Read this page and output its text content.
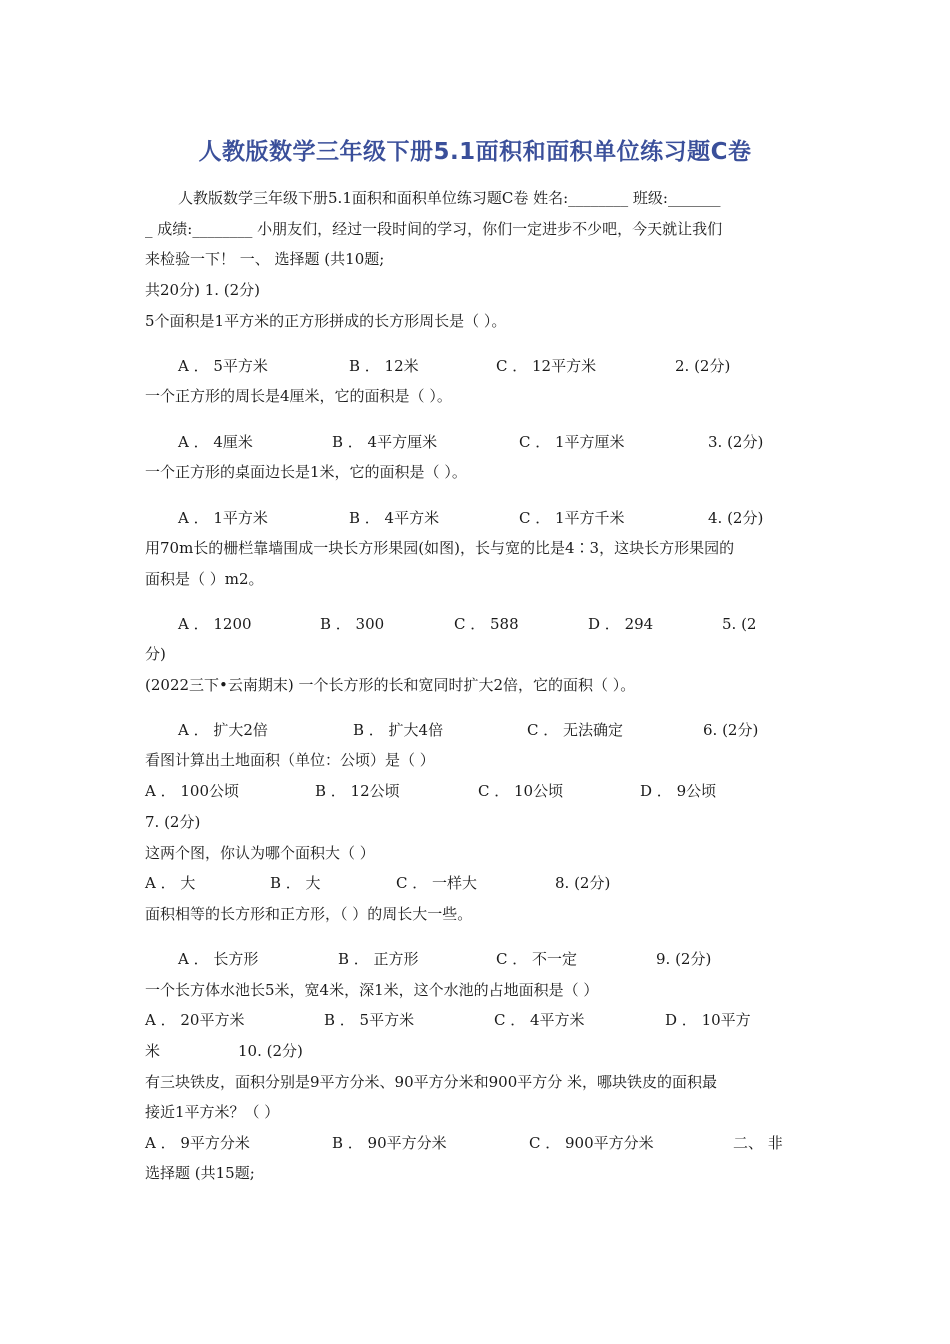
人教版数学三年级下册5.1面积和面积单位练习题C卷
人教版数学三年级下册5.1面积和面积单位练习题C卷 姓名:________ 班级:_______
_ 成绩:________ 小朋友们，经过一段时间的学习，你们一定进步不少吧，今天就让我们
来检验一下！ 一、 选择题 (共10题;
共20分) 1. (2分)
5个面积是1平方米的正方形拼成的长方形周长是（ ）。
A ． 5平方米	B ． 12米	C ． 12平方米	2. (2分)
一个正方形的周长是4厘米，它的面积是（ ）。
A ． 4厘米	B ． 4平方厘米	C ． 1平方厘米	3. (2分)
一个正方形的桌面边长是1米，它的面积是（ ）。
A ． 1平方米	B ． 4平方米	C ． 1平方千米	4. (2分)
用70m长的栅栏靠墙围成一块长方形果园(如图)，长与宽的比是4∶3，这块长方形果园的
面积是（ ）m2。
A ． 1200	B ． 300	C ． 588	D ． 294	5. (2
分)
(2022三下•云南期末) 一个长方形的长和宽同时扩大2倍，它的面积（ ）。
A ． 扩大2倍	B ． 扩大4倍	C ． 无法确定	6. (2分)
看图计算出土地面积（单位：公顷）是（ ）
A ． 100公顷	B ． 12公顷	C ． 10公顷	D ． 9公顷
7. (2分)
这两个图，你认为哪个面积大（ ）
A ． 大	B ． 大	C ． 一样大	8. (2分)
面积相等的长方形和正方形，（ ）的周长大一些。
A ． 长方形	B ． 正方形	C ． 不一定	9. (2分)
一个长方体水池长5米，宽4米，深1米，这个水池的占地面积是（ ）
A ． 20平方米	B ． 5平方米	C ． 4平方米	D ． 10平方
米	10. (2分)
有三块铁皮，面积分别是9平方分米、90平方分米和900平方分 米，哪块铁皮的面积最
接近1平方米？（ ）
A ． 9平方分米	B ． 90平方分米	C ． 900平方分米	二、 非
选择题 (共15题;
